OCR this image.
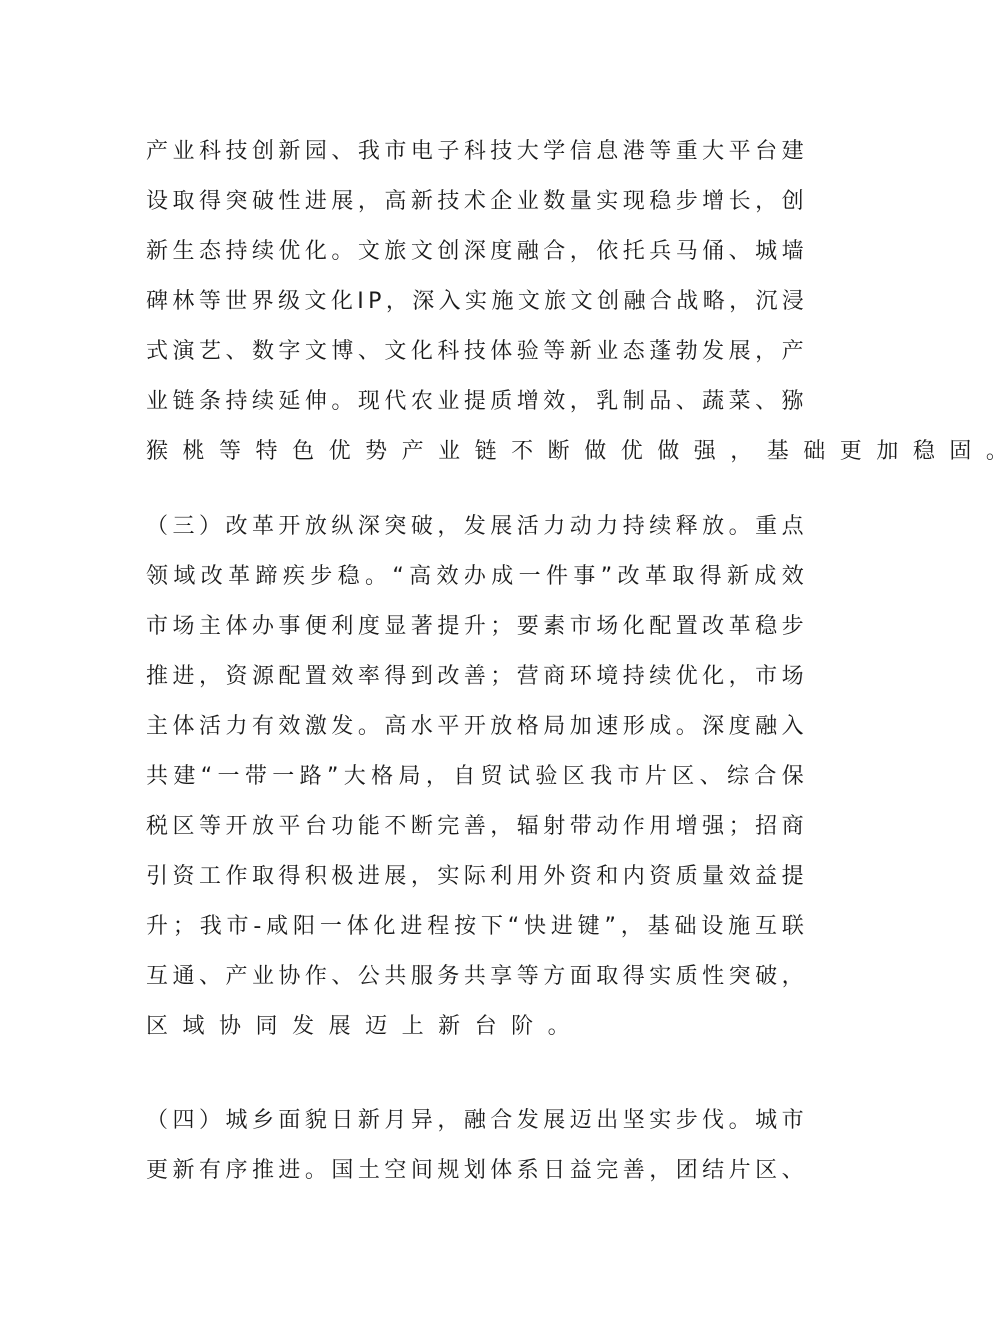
产 业 科 技 创 新 园 、 我 市 电 子 科 技 大 学 信 息 港 等 重 大 平 台 建
设 取 得 突 破 性 进 展 ， 高 新 技 术 企 业 数 量 实 现 稳 步 增 长 ， 创
新 生 态 持 续 优 化 。 文 旅 文 创 深 度 融 合 ， 依 托 兵 马 俑 、 城 墙
碑 林 等 世 界 级 文 化 I P ， 深 入 实 施 文 旅 文 创 融 合 战 略 ， 沉 浸
式 演 艺 、 数 字 文 博 、 文 化 科 技 体 验 等 新 业 态 蓬 勃 发 展 ， 产
业 链 条 持 续 延 伸 。 现 代 农 业 提 质 增 效 ， 乳 制 品 、 蔬 菜 、 猕
猴 桃 等 特 色 优 势 产 业 链 不 断 做 优 做 强 ， 基 础 更 加 稳 固 。
（ 三 ） 改 革 开 放 纵 深 突 破 ， 发 展 活 力 动 力 持 续 释 放 。 重 点
领 域 改 革 蹄 疾 步 稳 。 “ 高 效 办 成 一 件 事 ” 改 革 取 得 新 成 效
市 场 主 体 办 事 便 利 度 显 著 提 升 ； 要 素 市 场 化 配 置 改 革 稳 步
推 进 ， 资 源 配 置 效 率 得 到 改 善 ； 营 商 环 境 持 续 优 化 ， 市 场
主 体 活 力 有 效 激 发 。 高 水 平 开 放 格 局 加 速 形 成 。 深 度 融 入
共 建 “ 一 带 一 路 ” 大 格 局 ， 自 贸 试 验 区 我 市 片 区 、 综 合 保
税 区 等 开 放 平 台 功 能 不 断 完 善 ， 辐 射 带 动 作 用 增 强 ； 招 商
引 资 工 作 取 得 积 极 进 展 ， 实 际 利 用 外 资 和 内 资 质 量 效 益 提
升 ； 我 市 - 咸 阳 一 体 化 进 程 按 下 “ 快 进 键 ” ， 基 础 设 施 互 联
互 通 、 产 业 协 作 、 公 共 服 务 共 享 等 方 面 取 得 实 质 性 突 破 ，
区 域 协 同 发 展 迈 上 新 台 阶 。
（ 四 ） 城 乡 面 貌 日 新 月 异 ， 融 合 发 展 迈 出 坚 实 步 伐 。 城 市
更 新 有 序 推 进 。 国 土 空 间 规 划 体 系 日 益 完 善 ， 团 结 片 区 、
